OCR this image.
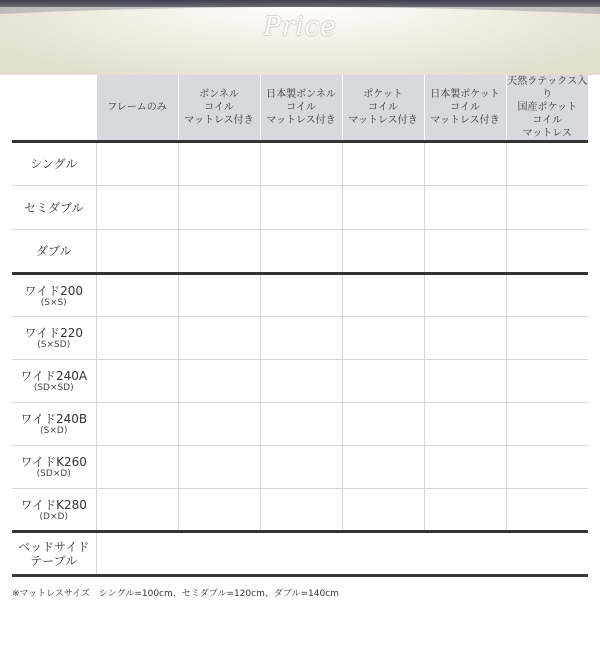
Price
	フレームのみ	ボンネル
コイル
マットレス付き	日本製ボンネル
コイル
マットレス付き	ポケット
コイル
マットレス付き	日本製ポケット
コイル
マットレス付き	天然ラテックス入り
国産ポケット
コイル
マットレス
シングル						
セミダブル						
ダブル						
ワイド200
(S×S)						

ワイド220
(S×SD)						

ワイド240A
(SD×SD)						

ワイド240B
(S×D)						

ワイドK260
(SD×D)						

ワイドK280
(D×D)						

ベッドサイド
テーブル						
※マットレスサイズ　シングル=100cm、セミダブル=120cm、ダブル=140cm
